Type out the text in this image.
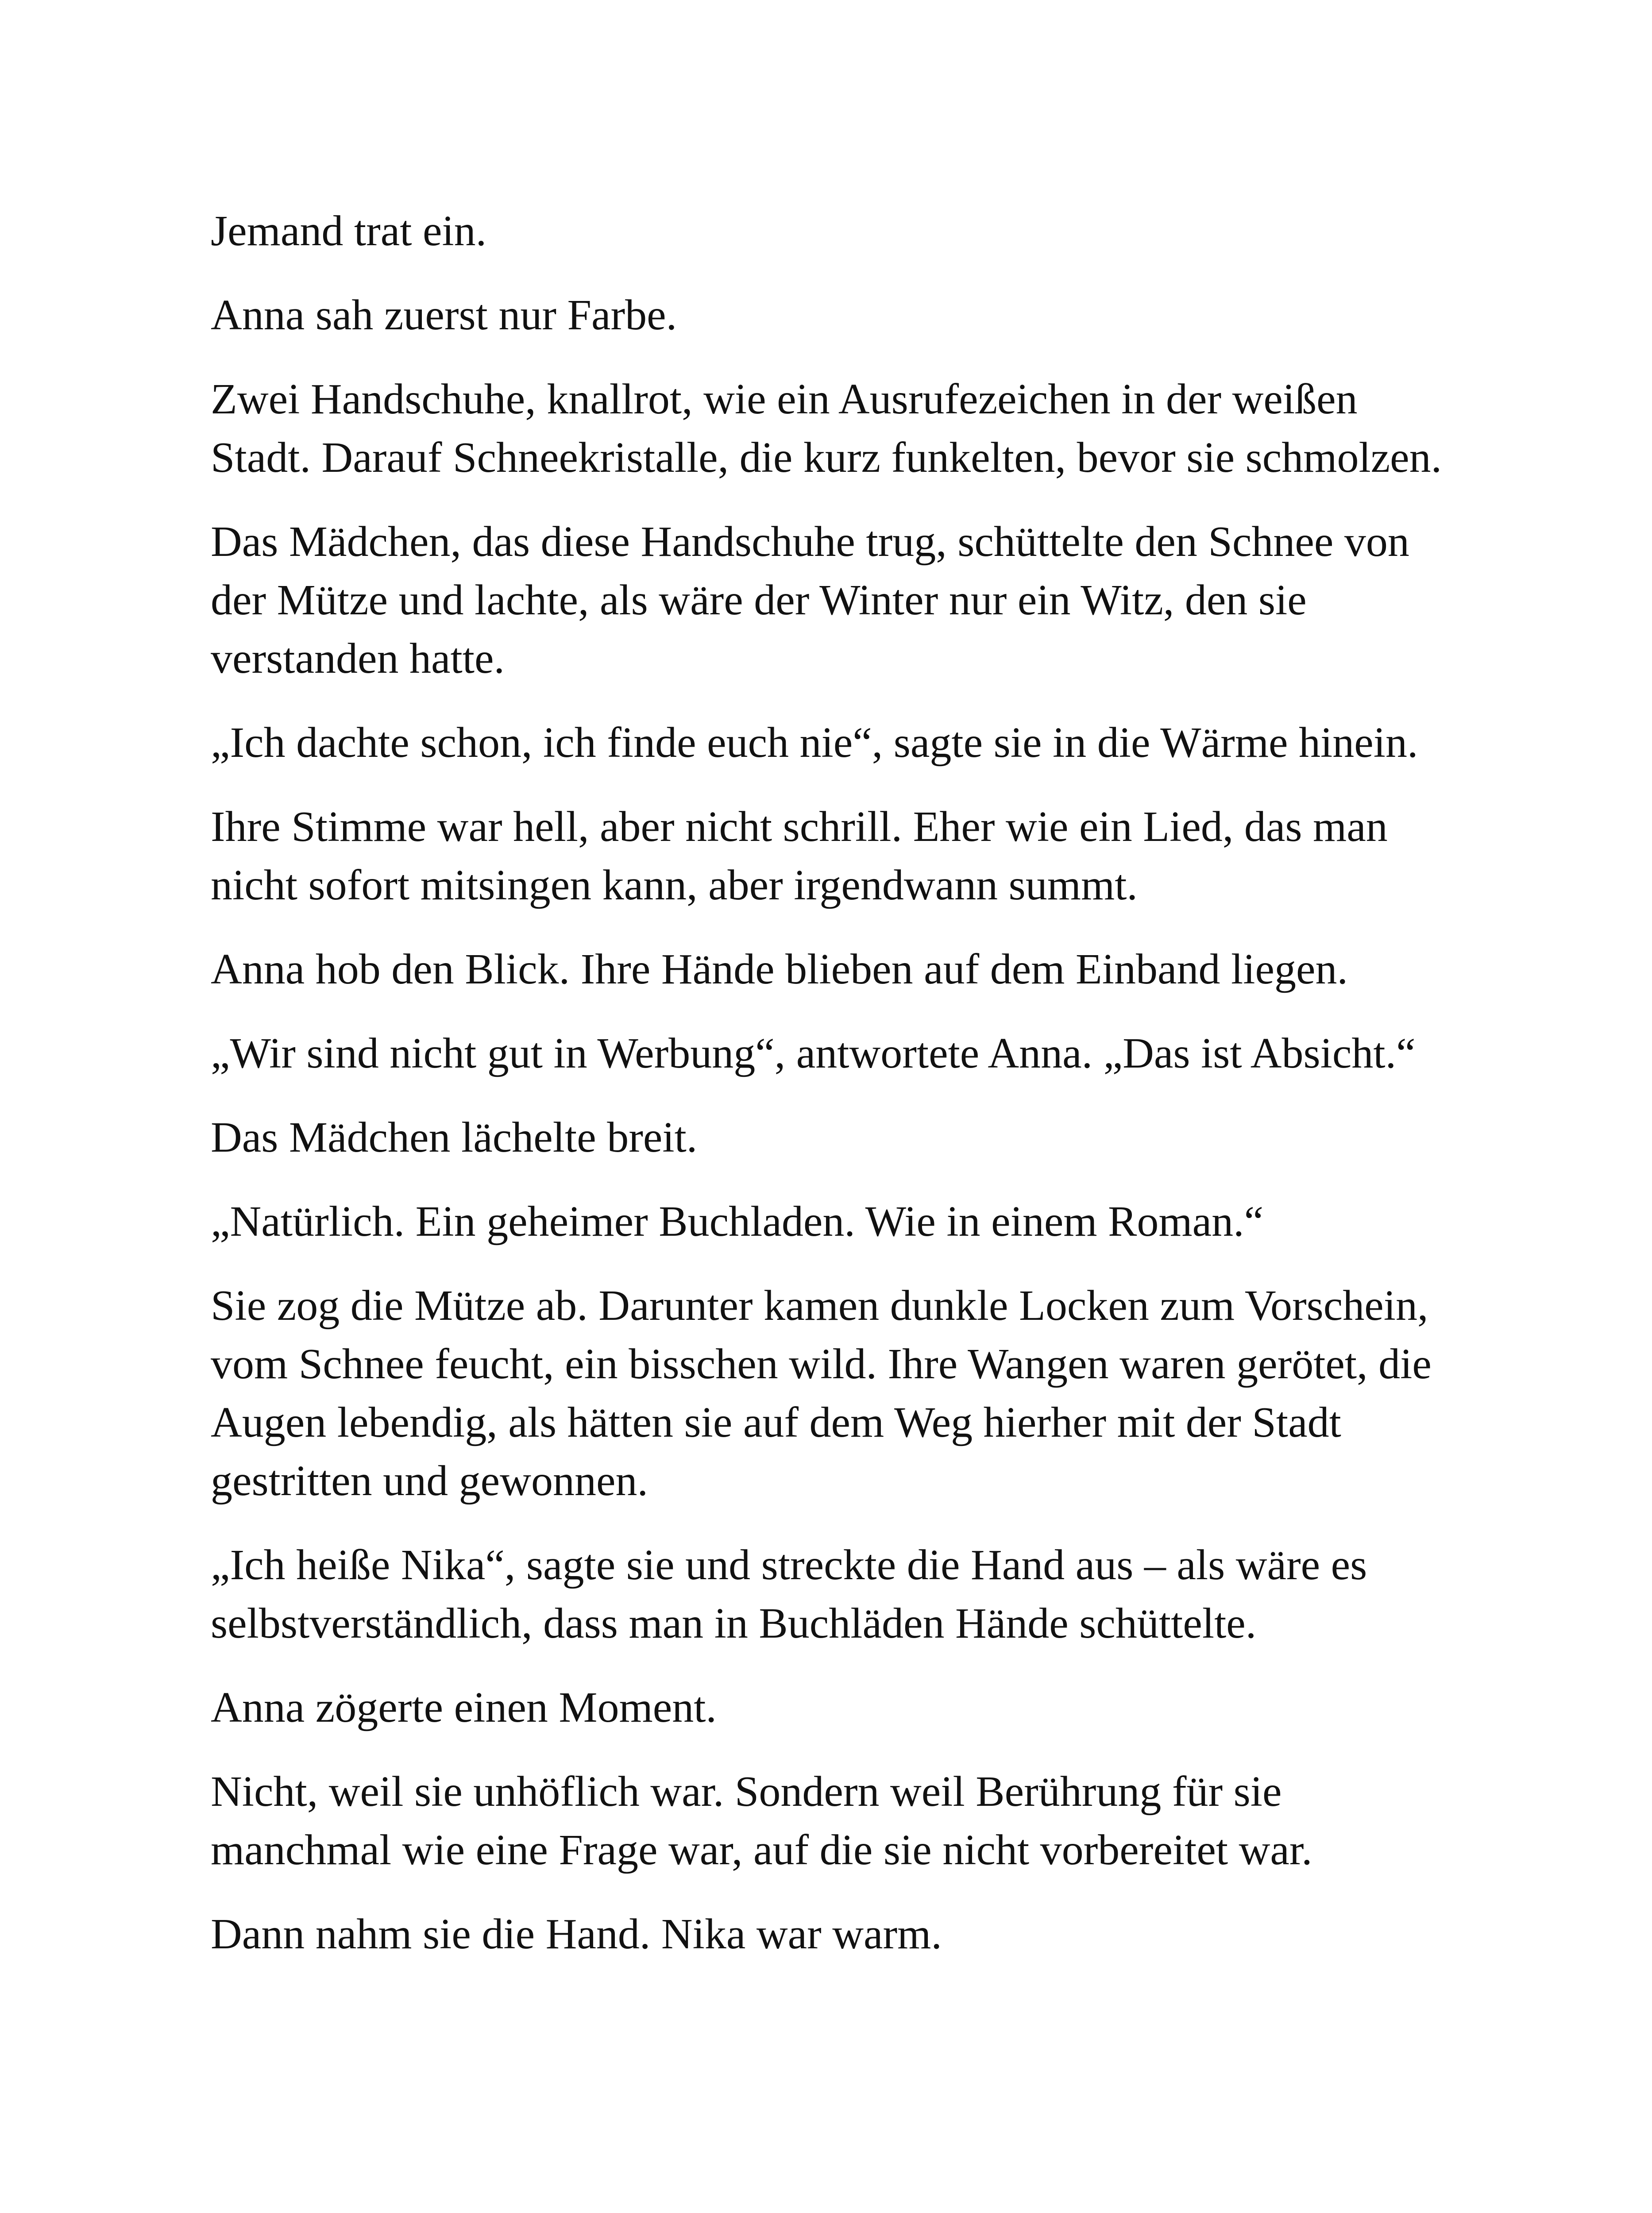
Jemand trat ein.

Anna sah zuerst nur Farbe.

Zwei Handschuhe, knallrot, wie ein Ausrufezeichen in der weißen Stadt. Darauf Schneekristalle, die kurz funkelten, bevor sie schmolzen.

Das Mädchen, das diese Handschuhe trug, schüttelte den Schnee von der Mütze und lachte, als wäre der Winter nur ein Witz, den sie verstanden hatte.

„Ich dachte schon, ich finde euch nie“, sagte sie in die Wärme hinein.

Ihre Stimme war hell, aber nicht schrill. Eher wie ein Lied, das man nicht sofort mitsingen kann, aber irgendwann summt.

Anna hob den Blick. Ihre Hände blieben auf dem Einband liegen.

„Wir sind nicht gut in Werbung“, antwortete Anna. „Das ist Absicht.“

Das Mädchen lächelte breit.

„Natürlich. Ein geheimer Buchladen. Wie in einem Roman.“

Sie zog die Mütze ab. Darunter kamen dunkle Locken zum Vorschein, vom Schnee feucht, ein bisschen wild. Ihre Wangen waren gerötet, die Augen lebendig, als hätten sie auf dem Weg hierher mit der Stadt gestritten und gewonnen.

„Ich heiße Nika“, sagte sie und streckte die Hand aus – als wäre es selbstverständlich, dass man in Buchläden Hände schüttelte.

Anna zögerte einen Moment.

Nicht, weil sie unhöflich war. Sondern weil Berührung für sie manchmal wie eine Frage war, auf die sie nicht vorbereitet war.

Dann nahm sie die Hand. Nika war warm.
